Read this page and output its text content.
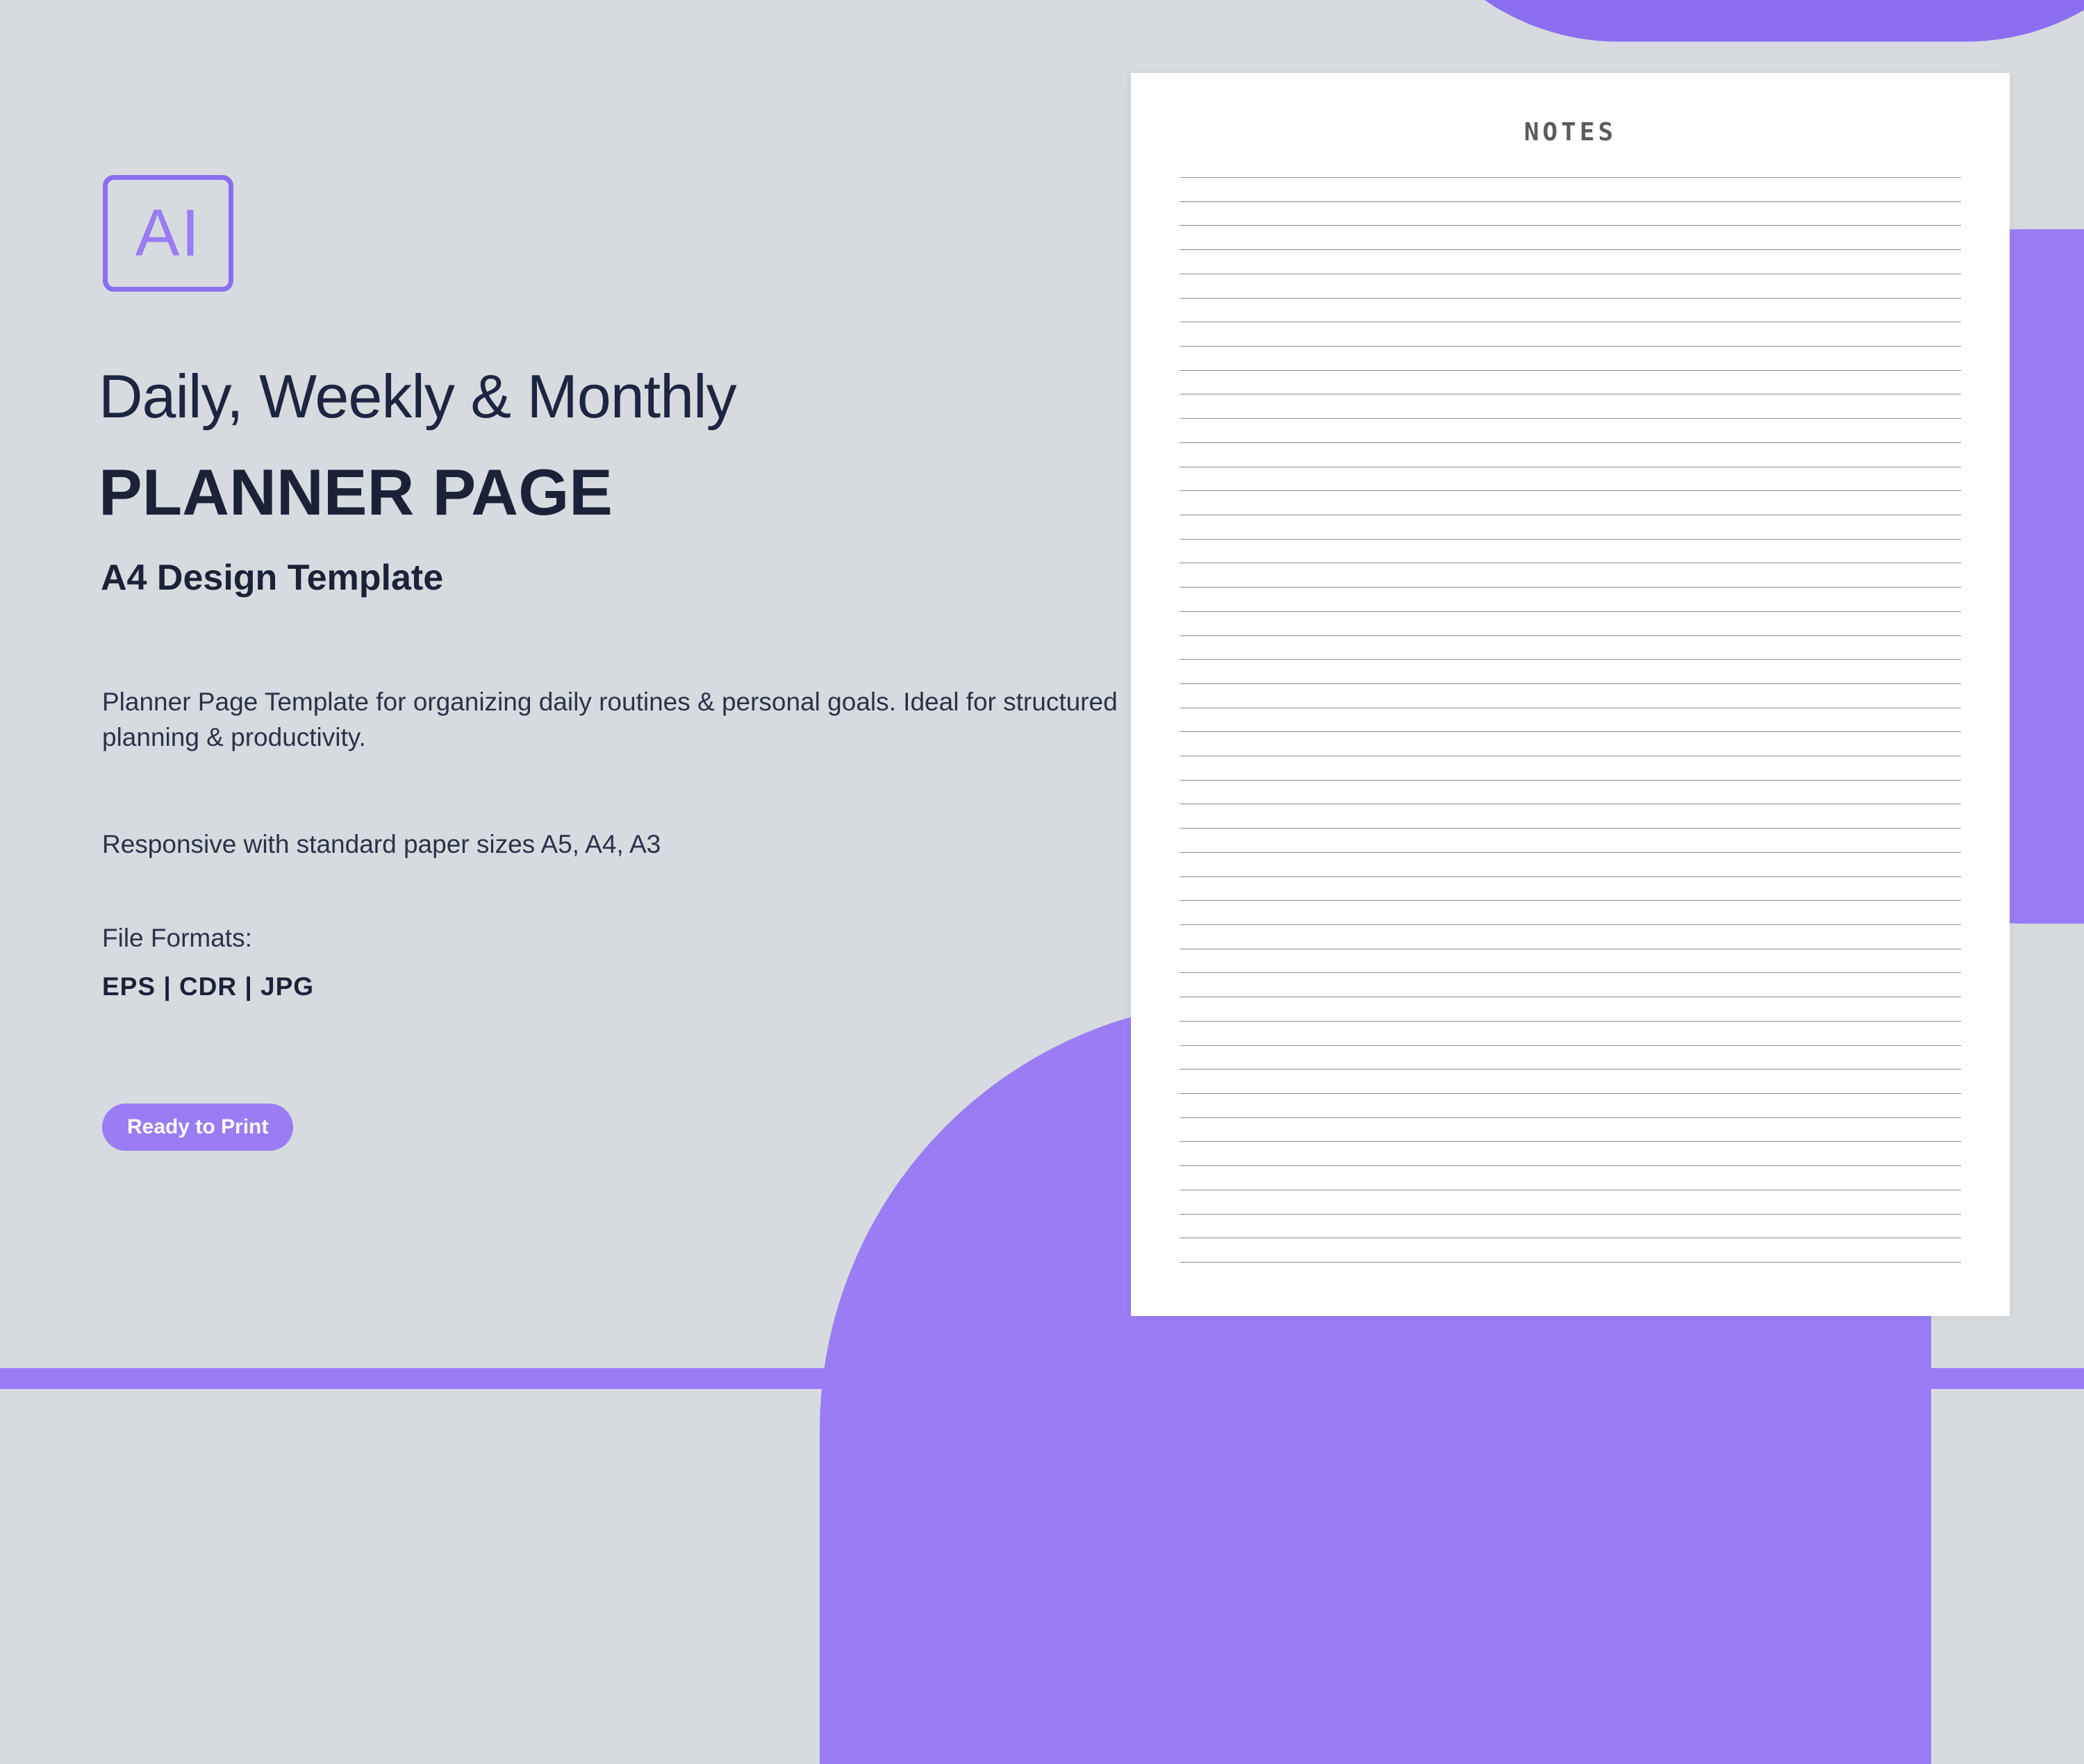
AI
Daily, Weekly & Monthly
PLANNER PAGE
A4 Design Template
Planner Page Template for organizing daily routines & personal goals. Ideal for structured planning & productivity.
Responsive with standard paper sizes A5, A4, A3
File Formats:
EPS | CDR | JPG
Ready to Print
NOTES
